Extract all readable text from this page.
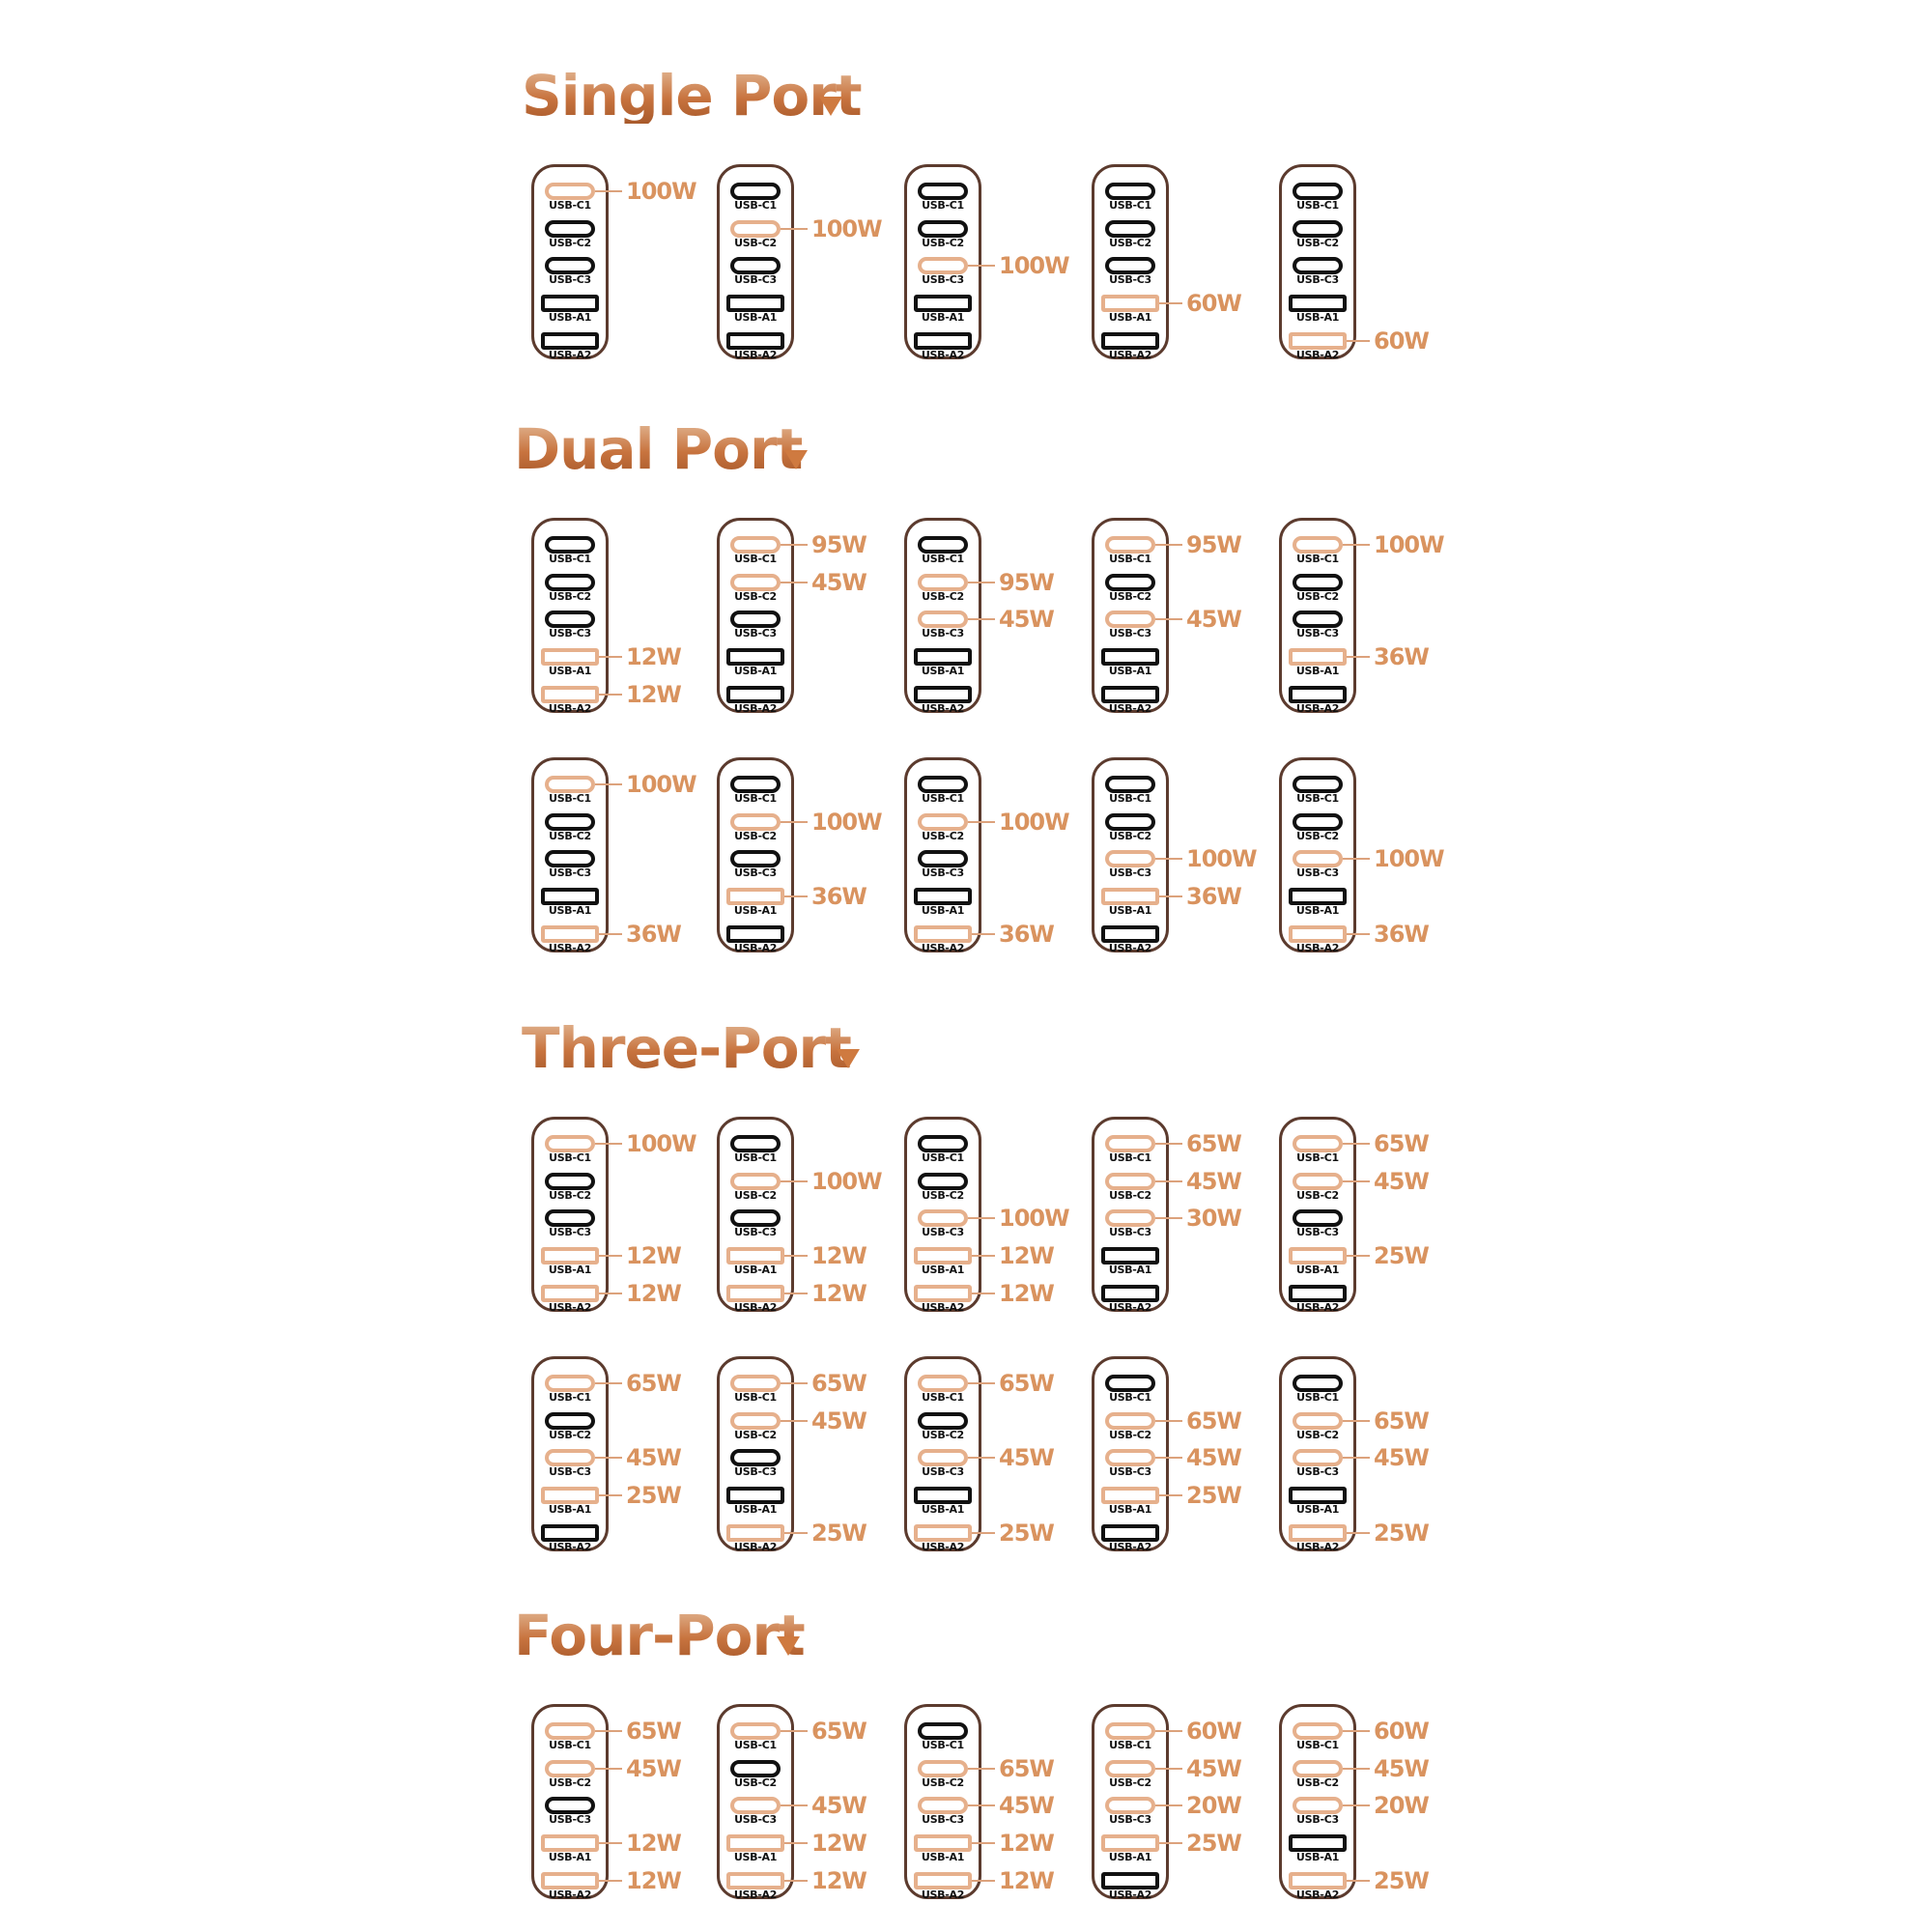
Single Port
USB-C1
USB-C2
USB-C3
USB-A1
USB-A2
100W
USB-C1
USB-C2
USB-C3
USB-A1
USB-A2
100W
USB-C1
USB-C2
USB-C3
USB-A1
USB-A2
100W
USB-C1
USB-C2
USB-C3
USB-A1
USB-A2
60W
USB-C1
USB-C2
USB-C3
USB-A1
USB-A2
60W
Dual Port
USB-C1
USB-C2
USB-C3
USB-A1
USB-A2
12W
12W
USB-C1
USB-C2
USB-C3
USB-A1
USB-A2
95W
45W
USB-C1
USB-C2
USB-C3
USB-A1
USB-A2
95W
45W
USB-C1
USB-C2
USB-C3
USB-A1
USB-A2
95W
45W
USB-C1
USB-C2
USB-C3
USB-A1
USB-A2
100W
36W
USB-C1
USB-C2
USB-C3
USB-A1
USB-A2
100W
36W
USB-C1
USB-C2
USB-C3
USB-A1
USB-A2
100W
36W
USB-C1
USB-C2
USB-C3
USB-A1
USB-A2
100W
36W
USB-C1
USB-C2
USB-C3
USB-A1
USB-A2
100W
36W
USB-C1
USB-C2
USB-C3
USB-A1
USB-A2
100W
36W
Three-Port
USB-C1
USB-C2
USB-C3
USB-A1
USB-A2
100W
12W
12W
USB-C1
USB-C2
USB-C3
USB-A1
USB-A2
100W
12W
12W
USB-C1
USB-C2
USB-C3
USB-A1
USB-A2
100W
12W
12W
USB-C1
USB-C2
USB-C3
USB-A1
USB-A2
65W
45W
30W
USB-C1
USB-C2
USB-C3
USB-A1
USB-A2
65W
45W
25W
USB-C1
USB-C2
USB-C3
USB-A1
USB-A2
65W
45W
25W
USB-C1
USB-C2
USB-C3
USB-A1
USB-A2
65W
45W
25W
USB-C1
USB-C2
USB-C3
USB-A1
USB-A2
65W
45W
25W
USB-C1
USB-C2
USB-C3
USB-A1
USB-A2
65W
45W
25W
USB-C1
USB-C2
USB-C3
USB-A1
USB-A2
65W
45W
25W
Four-Port
USB-C1
USB-C2
USB-C3
USB-A1
USB-A2
65W
45W
12W
12W
USB-C1
USB-C2
USB-C3
USB-A1
USB-A2
65W
45W
12W
12W
USB-C1
USB-C2
USB-C3
USB-A1
USB-A2
65W
45W
12W
12W
USB-C1
USB-C2
USB-C3
USB-A1
USB-A2
60W
45W
20W
25W
USB-C1
USB-C2
USB-C3
USB-A1
USB-A2
60W
45W
20W
25W
